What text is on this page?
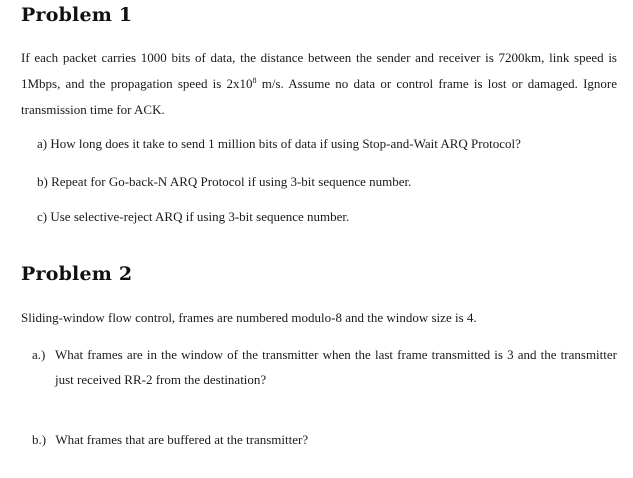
Problem 1
If each packet carries 1000 bits of data, the distance between the sender and receiver is 7200km, link speed is 1Mbps, and the propagation speed is $2x10^8$ m/s. Assume no data or control frame is lost or damaged. Ignore transmission time for ACK.
a) How long does it take to send 1 million bits of data if using Stop-and-Wait ARQ Protocol?
b) Repeat for Go-back-N ARQ Protocol if using 3-bit sequence number.
c) Use selective-reject ARQ if using 3-bit sequence number.
Problem 2
Sliding-window flow control, frames are numbered modulo-8 and the window size is 4.
a.) What frames are in the window of the transmitter when the last frame transmitted is 3 and the transmitter just received RR-2 from the destination?
b.) What frames that are buffered at the transmitter?
